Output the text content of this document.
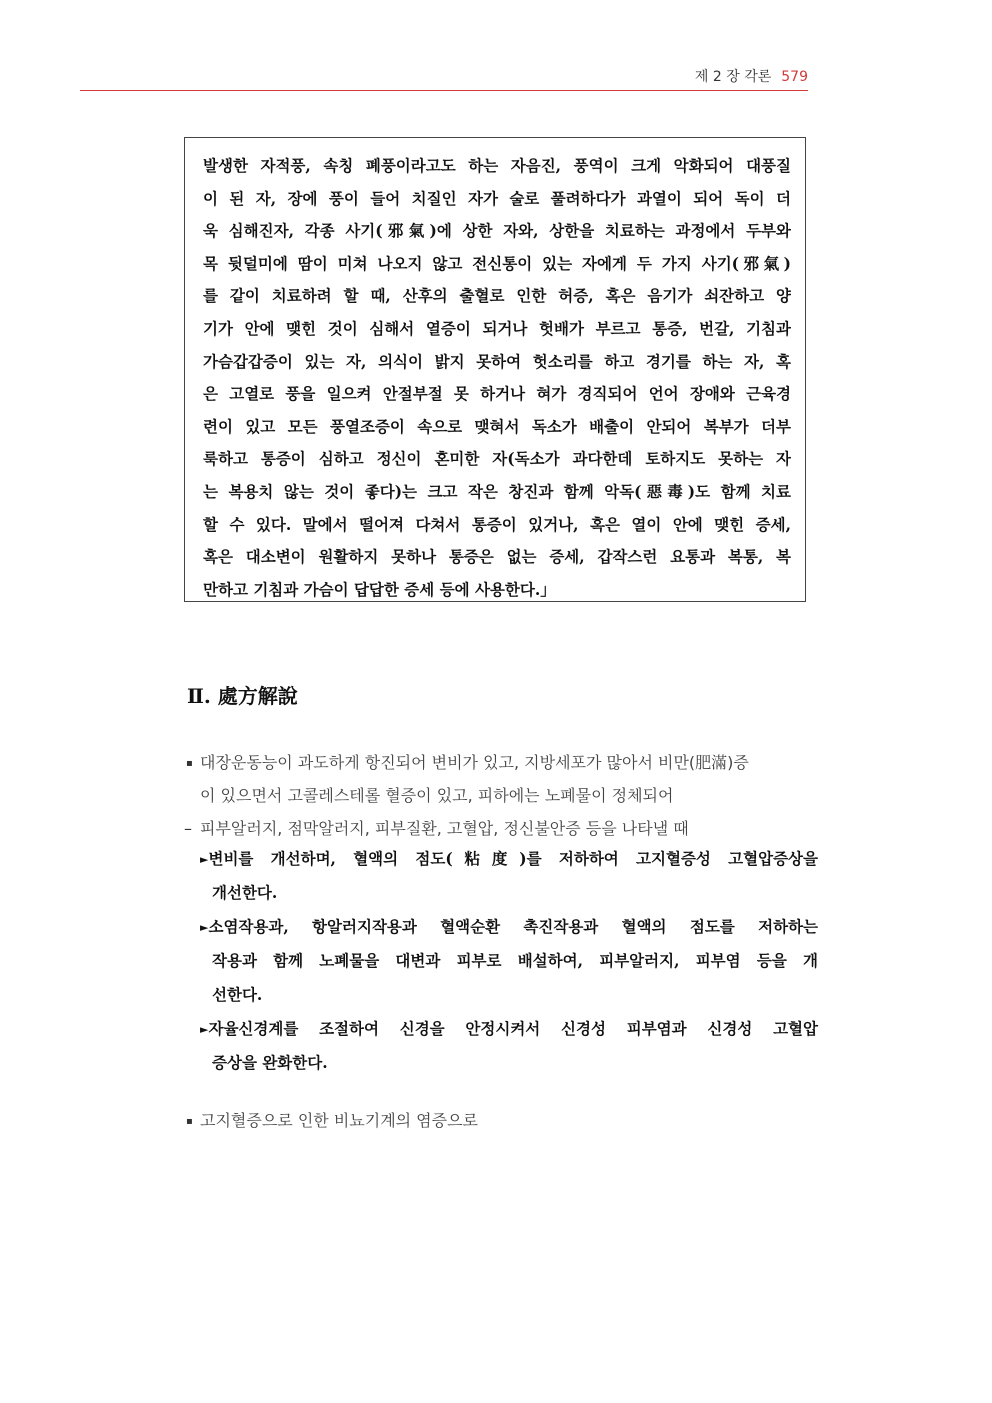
제 2 장 각론 579
발생한 자적풍, 속칭 폐풍이라고도 하는 자음진, 풍역이 크게 악화되어 대풍질
이 된 자, 장에 풍이 들어 치질인 자가 술로 풀려하다가 과열이 되어 독이 더
욱 심해진자, 각종 사기(邪氣)에 상한 자와, 상한을 치료하는 과정에서 두부와
목 뒷덜미에 땀이 미쳐 나오지 않고 전신통이 있는 자에게 두 가지 사기(邪氣)
를 같이 치료하려 할 때, 산후의 출혈로 인한 허증, 혹은 음기가 쇠잔하고 양
기가 안에 맺힌 것이 심해서 열증이 되거나 헛배가 부르고 통증, 번갈, 기침과
가슴갑갑증이 있는 자, 의식이 밝지 못하여 헛소리를 하고 경기를 하는 자, 혹
은 고열로 풍을 일으켜 안절부절 못 하거나 혀가 경직되어 언어 장애와 근육경
련이 있고 모든 풍열조증이 속으로 맺혀서 독소가 배출이 안되어 복부가 더부
룩하고 통증이 심하고 정신이 혼미한 자(독소가 과다한데 토하지도 못하는 자
는 복용치 않는 것이 좋다)는 크고 작은 창진과 함께 악독(惡毒)도 함께 치료
할 수 있다. 말에서 떨어져 다쳐서 통증이 있거나, 혹은 열이 안에 맺힌 증세,
혹은 대소변이 원활하지 못하나 통증은 없는 증세, 갑작스런 요통과 복통, 복
만하고 기침과 가슴이 답답한 증세 등에 사용한다.」
Ⅱ. 處方解說
▪ 대장운동능이 과도하게 항진되어 변비가 있고, 지방세포가 많아서 비만(肥滿)증
이 있으면서 고콜레스테롤 혈증이 있고, 피하에는 노폐물이 정체되어
– 피부알러지, 점막알러지, 피부질환, 고혈압, 정신불안증 등을 나타낼 때
►변비를 개선하며, 혈액의 점도(粘度)를 저하하여 고지혈증성 고혈압증상을
개선한다.
►소염작용과, 항알러지작용과 혈액순환 촉진작용과 혈액의 점도를 저하하는
작용과 함께 노폐물을 대변과 피부로 배설하여, 피부알러지, 피부염 등을 개
선한다.
►자율신경계를 조절하여 신경을 안정시켜서 신경성 피부염과 신경성 고혈압
증상을 완화한다.
▪ 고지혈증으로 인한 비뇨기계의 염증으로
